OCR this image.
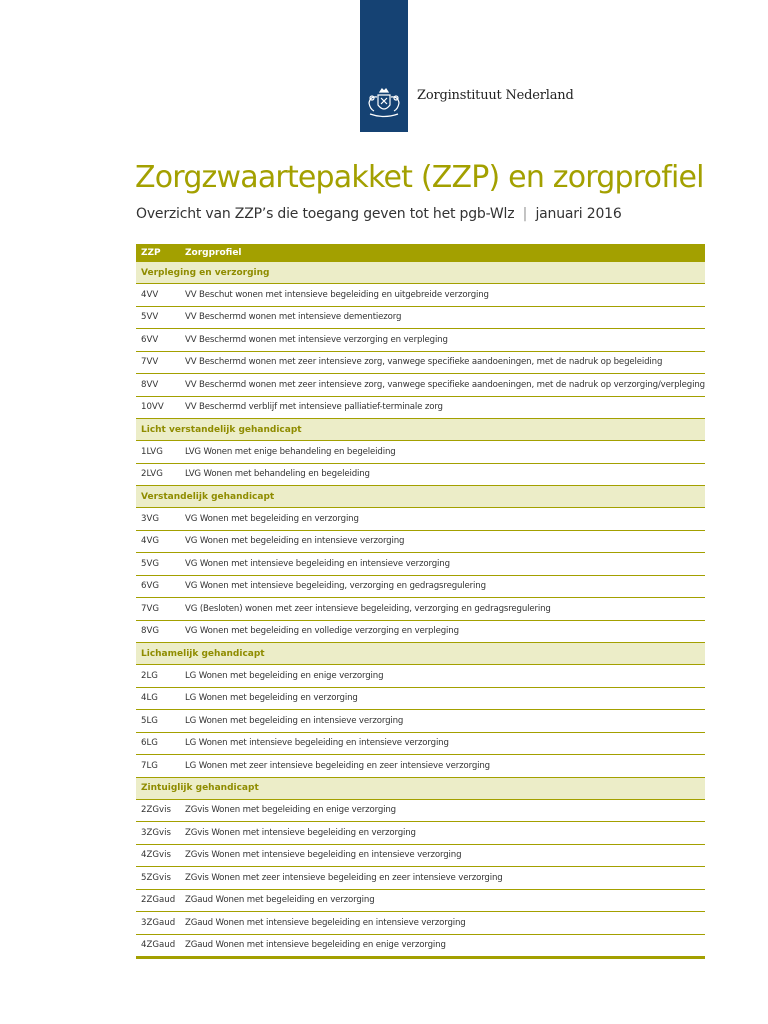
Zorginstituut Nederland
Zorgzwaartepakket (ZZP) en zorgprofiel
Overzicht van ZZP’s die toegang geven tot het pgb-Wlz | januari 2016
ZZP	Zorgprofiel
Verpleging en verzorging
4VV	VV Beschut wonen met intensieve begeleiding en uitgebreide verzorging
5VV	VV Beschermd wonen met intensieve dementiezorg
6VV	VV Beschermd wonen met intensieve verzorging en verpleging
7VV	VV Beschermd wonen met zeer intensieve zorg, vanwege specifieke aandoeningen, met de nadruk op begeleiding
8VV	VV Beschermd wonen met zeer intensieve zorg, vanwege specifieke aandoeningen, met de nadruk op verzorging/verpleging
10VV	VV Beschermd verblijf met intensieve palliatief-terminale zorg
Licht verstandelijk gehandicapt
1LVG	LVG Wonen met enige behandeling en begeleiding
2LVG	LVG Wonen met behandeling en begeleiding
Verstandelijk gehandicapt
3VG	VG Wonen met begeleiding en verzorging
4VG	VG Wonen met begeleiding en intensieve verzorging
5VG	VG Wonen met intensieve begeleiding en intensieve verzorging
6VG	VG Wonen met intensieve begeleiding, verzorging en gedragsregulering
7VG	VG (Besloten) wonen met zeer intensieve begeleiding, verzorging en gedragsregulering
8VG	VG Wonen met begeleiding en volledige verzorging en verpleging
Lichamelijk gehandicapt
2LG	LG Wonen met begeleiding en enige verzorging
4LG	LG Wonen met begeleiding en verzorging
5LG	LG Wonen met begeleiding en intensieve verzorging
6LG	LG Wonen met intensieve begeleiding en intensieve verzorging
7LG	LG Wonen met zeer intensieve begeleiding en zeer intensieve verzorging
Zintuiglijk gehandicapt
2ZGvis	ZGvis Wonen met begeleiding en enige verzorging
3ZGvis	ZGvis Wonen met intensieve begeleiding en verzorging
4ZGvis	ZGvis Wonen met intensieve begeleiding en intensieve verzorging
5ZGvis	ZGvis Wonen met zeer intensieve begeleiding en zeer intensieve verzorging
2ZGaud	ZGaud Wonen met begeleiding en verzorging
3ZGaud	ZGaud Wonen met intensieve begeleiding en intensieve verzorging
4ZGaud	ZGaud Wonen met intensieve begeleiding en enige verzorging
